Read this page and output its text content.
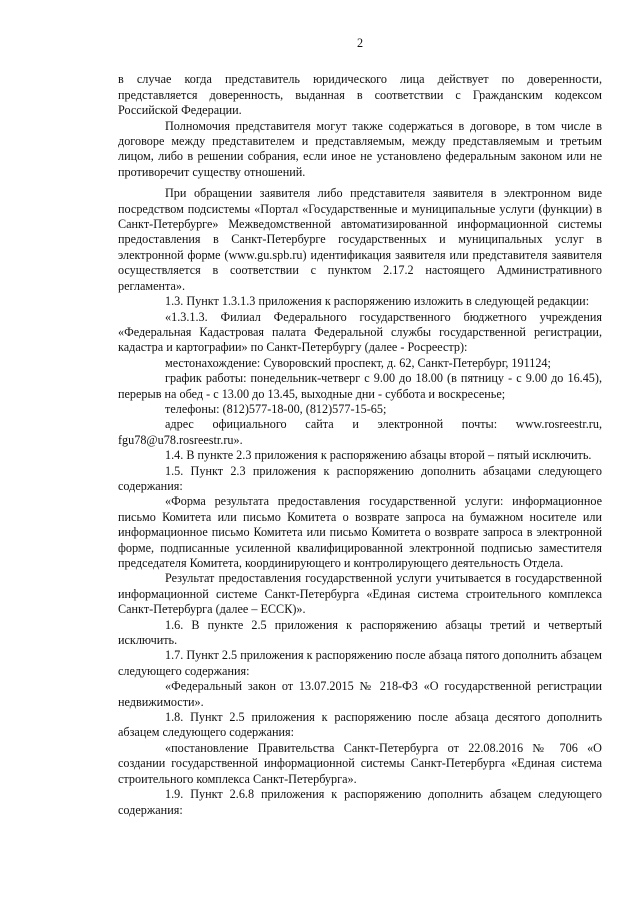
2

в случае когда представитель юридического лица действует по доверенности, представляется доверенность, выданная в соответствии с Гражданским кодексом Российской Федерации.

Полномочия представителя могут также содержаться в договоре, в том числе в договоре между представителем и представляемым, между представляемым и третьим лицом, либо в решении собрания, если иное не установлено федеральным законом или не противоречит существу отношений.

При обращении заявителя либо представителя заявителя в электронном виде посредством подсистемы «Портал «Государственные и муниципальные услуги (функции) в Санкт-Петербурге» Межведомственной автоматизированной информационной системы предоставления в Санкт-Петербурге государственных и муниципальных услуг в электронной форме (www.gu.spb.ru) идентификация заявителя или представителя заявителя осуществляется в соответствии с пунктом 2.17.2 настоящего Административного регламента».

1.3. Пункт 1.3.1.3 приложения к распоряжению изложить в следующей редакции:

«1.3.1.3. Филиал Федерального государственного бюджетного учреждения «Федеральная Кадастровая палата Федеральной службы государственной регистрации, кадастра и картографии» по Санкт-Петербургу (далее - Росреестр):

местонахождение: Суворовский проспект, д. 62, Санкт-Петербург, 191124;

график работы: понедельник-четверг с 9.00 до 18.00 (в пятницу - с 9.00 до 16.45), перерыв на обед - с 13.00 до 13.45, выходные дни - суббота и воскресенье;

телефоны: (812)577-18-00, (812)577-15-65;

адрес официального сайта и электронной почты: www.rosreestr.ru, fgu78@u78.rosreestr.ru».

1.4. В пункте 2.3 приложения к распоряжению абзацы второй – пятый исключить.

1.5. Пункт 2.3 приложения к распоряжению дополнить абзацами следующего содержания:

«Форма результата предоставления государственной услуги: информационное письмо Комитета или письмо Комитета о возврате запроса на бумажном носителе или информационное письмо Комитета или письмо Комитета о возврате запроса в электронной форме, подписанные усиленной квалифицированной электронной подписью заместителя председателя Комитета, координирующего и контролирующего деятельность Отдела.

Результат предоставления государственной услуги учитывается в государственной информационной системе Санкт-Петербурга «Единая система строительного комплекса Санкт-Петербурга (далее – ЕССК)».

1.6. В пункте 2.5 приложения к распоряжению абзацы третий и четвертый исключить.

1.7. Пункт 2.5 приложения к распоряжению после абзаца пятого дополнить абзацем следующего содержания:

«Федеральный закон от 13.07.2015 № 218-ФЗ «О государственной регистрации недвижимости».

1.8. Пункт 2.5 приложения к распоряжению после абзаца десятого дополнить абзацем следующего содержания:

«постановление Правительства Санкт-Петербурга от 22.08.2016 № 706 «О создании государственной информационной системы Санкт-Петербурга «Единая система строительного комплекса Санкт-Петербурга».

1.9. Пункт 2.6.8 приложения к распоряжению дополнить абзацем следующего содержания:
